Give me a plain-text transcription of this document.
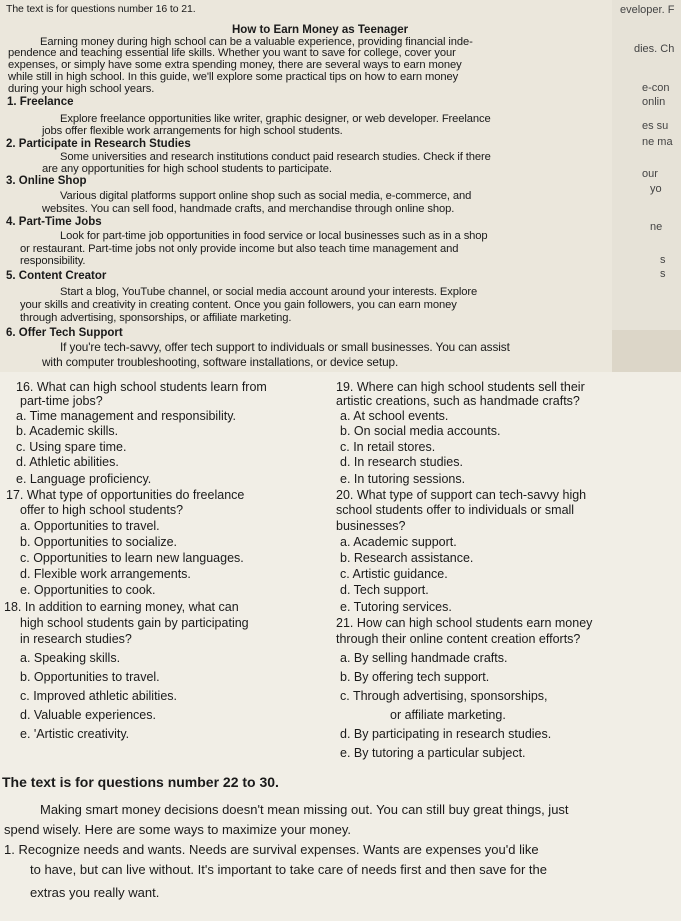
eveloper. F
dies. Ch
e-con
onlin
es su
ne ma
our
yo
ne
s
s
The text is for questions number 16 to 21.
How to Earn Money as Teenager
Earning money during high school can be a valuable experience, providing financial inde-
pendence and teaching essential life skills. Whether you want to save for college, cover your
expenses, or simply have some extra spending money, there are several ways to earn money
while still in high school. In this guide, we'll explore some practical tips on how to earn money
during your high school years.
1. Freelance
Explore freelance opportunities like writer, graphic designer, or web developer. Freelance
jobs offer flexible work arrangements for high school students.
2. Participate in Research Studies
Some universities and research institutions conduct paid research studies. Check if there
are any opportunities for high school students to participate.
3. Online Shop
Various digital platforms support online shop such as social media, e-commerce, and
websites. You can sell food, handmade crafts, and merchandise through online shop.
4. Part-Time Jobs
Look for part-time job opportunities in food service or local businesses such as in a shop
or restaurant. Part-time jobs not only provide income but also teach time management and
responsibility.
5. Content Creator
Start a blog, YouTube channel, or social media account around your interests. Explore
your skills and creativity in creating content. Once you gain followers, you can earn money
through advertising, sponsorships, or affiliate marketing.
6. Offer Tech Support
If you're tech-savvy, offer tech support to individuals or small businesses. You can assist
with computer troubleshooting, software installations, or device setup.
16. What can high school students learn from
part-time jobs?
a. Time management and responsibility.
b. Academic skills.
c. Using spare time.
d. Athletic abilities.
e. Language proficiency.
17. What type of opportunities do freelance
offer to high school students?
a. Opportunities to travel.
b. Opportunities to socialize.
c. Opportunities to learn new languages.
d. Flexible work arrangements.
e. Opportunities to cook.
18. In addition to earning money, what can
high school students gain by participating
in research studies?
a. Speaking skills.
b. Opportunities to travel.
c. Improved athletic abilities.
d. Valuable experiences.
e. 'Artistic creativity.
19. Where can high school students sell their
artistic creations, such as handmade crafts?
a. At school events.
b. On social media accounts.
c. In retail stores.
d. In research studies.
e. In tutoring sessions.
20. What type of support can tech-savvy high
school students offer to individuals or small
businesses?
a. Academic support.
b. Research assistance.
c. Artistic guidance.
d. Tech support.
e. Tutoring services.
21. How can high school students earn money
through their online content creation efforts?
a. By selling handmade crafts.
b. By offering tech support.
c. Through advertising, sponsorships,
or affiliate marketing.
d. By participating in research studies.
e. By tutoring a particular subject.
The text is for questions number 22 to 30.
Making smart money decisions doesn't mean missing out. You can still buy great things, just
spend wisely. Here are some ways to maximize your money.
1. Recognize needs and wants. Needs are survival expenses. Wants are expenses you'd like
to have, but can live without. It's important to take care of needs first and then save for the
extras you really want.
